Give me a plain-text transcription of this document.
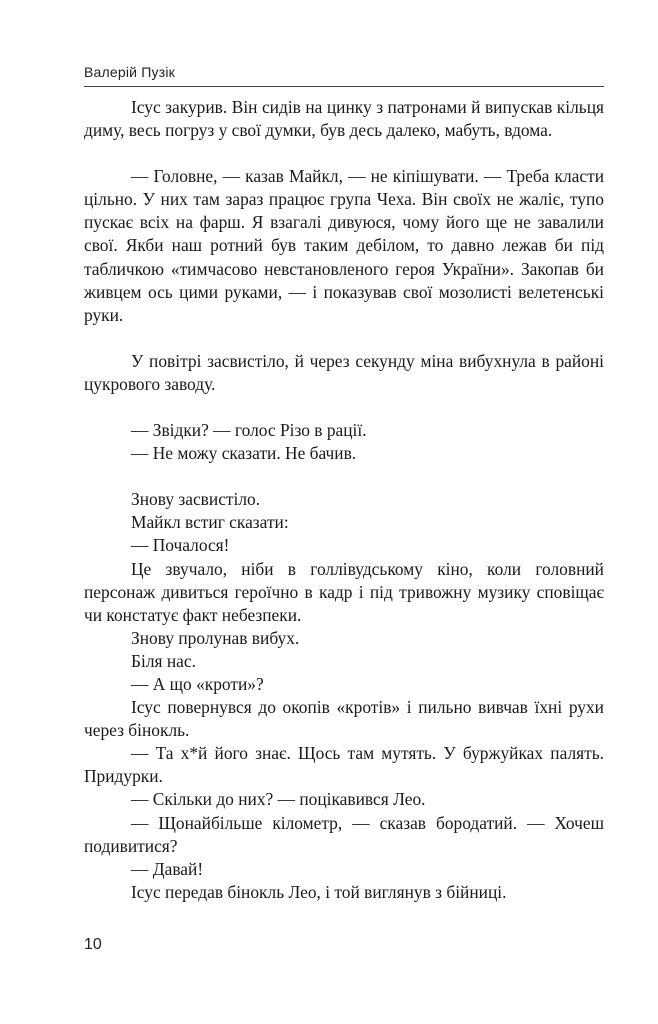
Валерій Пузік

Ісус закурив. Він сидів на цинку з патронами й випускав кільця диму, весь погруз у свої думки, був десь далеко, мабуть, вдома.

— Головне, — казав Майкл, — не кіпішувати. — Треба класти цільно. У них там зараз працює група Чеха. Він своїх не жаліє, тупо пускає всіх на фарш. Я взагалі дивуюся, чому його ще не завалили свої. Якби наш ротний був таким дебілом, то давно лежав би під табличкою «тимчасово невстановленого героя України». Закопав би живцем ось цими руками, — і показував свої мозолисті велетенські руки.

У повітрі засвистіло, й через секунду міна вибухнула в районі цукрового заводу.

— Звідки? — голос Різо в рації.

— Не можу сказати. Не бачив.

Знову засвистіло.

Майкл встиг сказати:

— Почалося!

Це звучало, ніби в голлівудському кіно, коли головний персонаж дивиться героїчно в кадр і під тривожну музику сповіщає чи констатує факт небезпеки.

Знову пролунав вибух.

Біля нас.

— А що «кроти»?

Ісус повернувся до окопів «кротів» і пильно вивчав їхні рухи через бінокль.

— Та х*й його знає. Щось там мутять. У буржуйках палять. Придурки.

— Скільки до них? — поцікавився Лео.

— Щонайбільше кілометр, — сказав бородатий. — Хочеш подивитися?

— Давай!

Ісус передав бінокль Лео, і той виглянув з бійниці.

10
